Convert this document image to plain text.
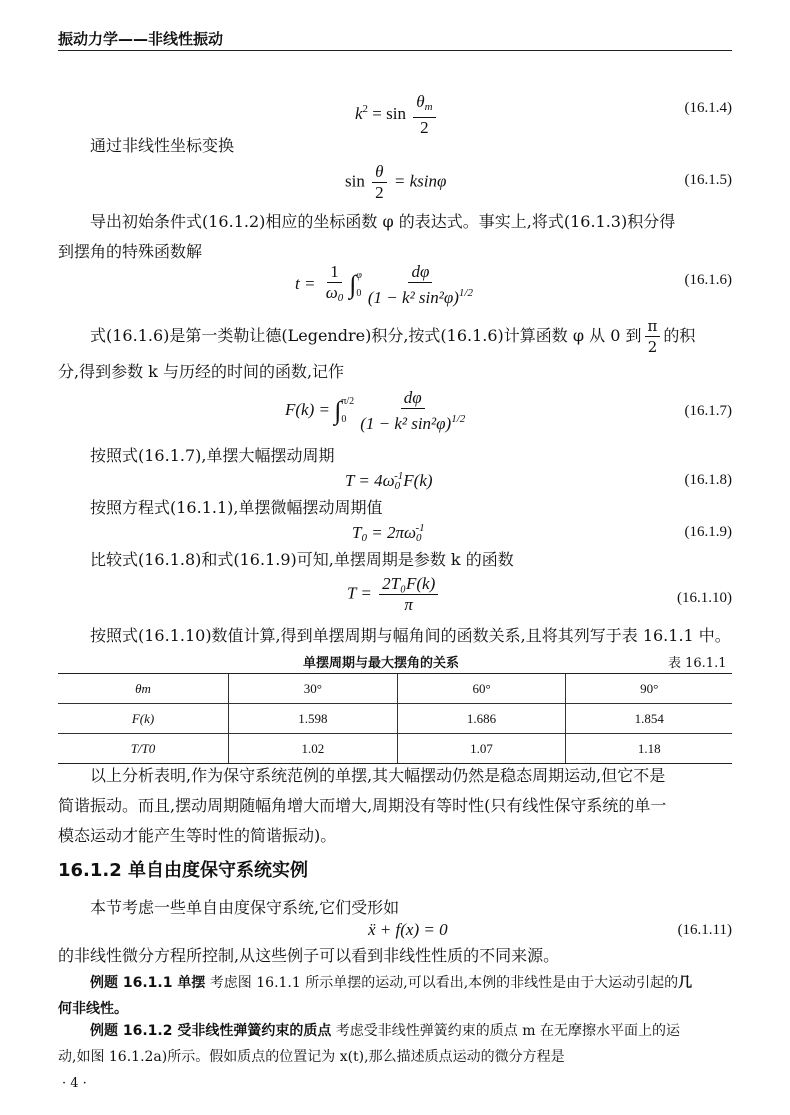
振动力学——非线性振动
$k^2 = \sin \frac{\theta_m}{2}$	(16.1.4)
通过非线性坐标变换
$\sin \frac{\theta}{2} = ksin\varphi$	(16.1.5)
导出初始条件式(16.1.2)相应的坐标函数 φ 的表达式。事实上,将式(16.1.3)积分得
到摆角的特殊函数解
$t = \frac{1}{\omega_0}$ ∫ φ
$0 \frac{d\varphi}{(1 - k^2 \sin^2\varphi)^{1/2}}$	(16.1.6)
式(16.1.6)是第一类勒让德(Legendre)积分,按式(16.1.6)计算函数 φ 从 0 到 $\frac{\pi}{2}$ 的积
分,得到参数 k 与历经的时间的函数,记作
F(k) = ∫ π/2
$0 \frac{d\varphi}{(1 - k^2 \sin^2\varphi)^{1/2}}$	(16.1.7)
按照式(16.1.7),单摆大幅摆动周期
$T = 4\omega_0^{-1}F(k)$	(16.1.8)
按照方程式(16.1.1),单摆微幅摆动周期值
$T_0 = 2\pi\omega_0^{-1}$	(16.1.9)
比较式(16.1.8)和式(16.1.9)可知,单摆周期是参数 k 的函数
$T = \frac{\text{2T₀F(k)}}{\pi}$	(16.1.10)
按照式(16.1.10)数值计算,得到单摆周期与幅角间的函数关系,且将其列写于表 16.1.1 中。
单摆周期与最大摆角的关系	表 16.1.1
θm	30°	60°	90°
F(k)	1.598	1.686	1.854
T/T0	1.02	1.07	1.18
以上分析表明,作为保守系统范例的单摆,其大幅摆动仍然是稳态周期运动,但它不是
简谐振动。而且,摆动周期随幅角增大而增大,周期没有等时性(只有线性保守系统的单一
模态运动才能产生等时性的简谐振动)。
16.1.2 单自由度保守系统实例
本节考虑一些单自由度保守系统,它们受形如
ẍ + f(x) = 0	(16.1.11)
的非线性微分方程所控制,从这些例子可以看到非线性性质的不同来源。
例题 16.1.1 单摆 考虑图 16.1.1 所示单摆的运动,可以看出,本例的非线性是由于大运动引起的几
何非线性。
例题 16.1.2 受非线性弹簧约束的质点 考虑受非线性弹簧约束的质点 m 在无摩擦水平面上的运
动,如图 16.1.2a)所示。假如质点的位置记为 x(t),那么描述质点运动的微分方程是
· 4 ·
